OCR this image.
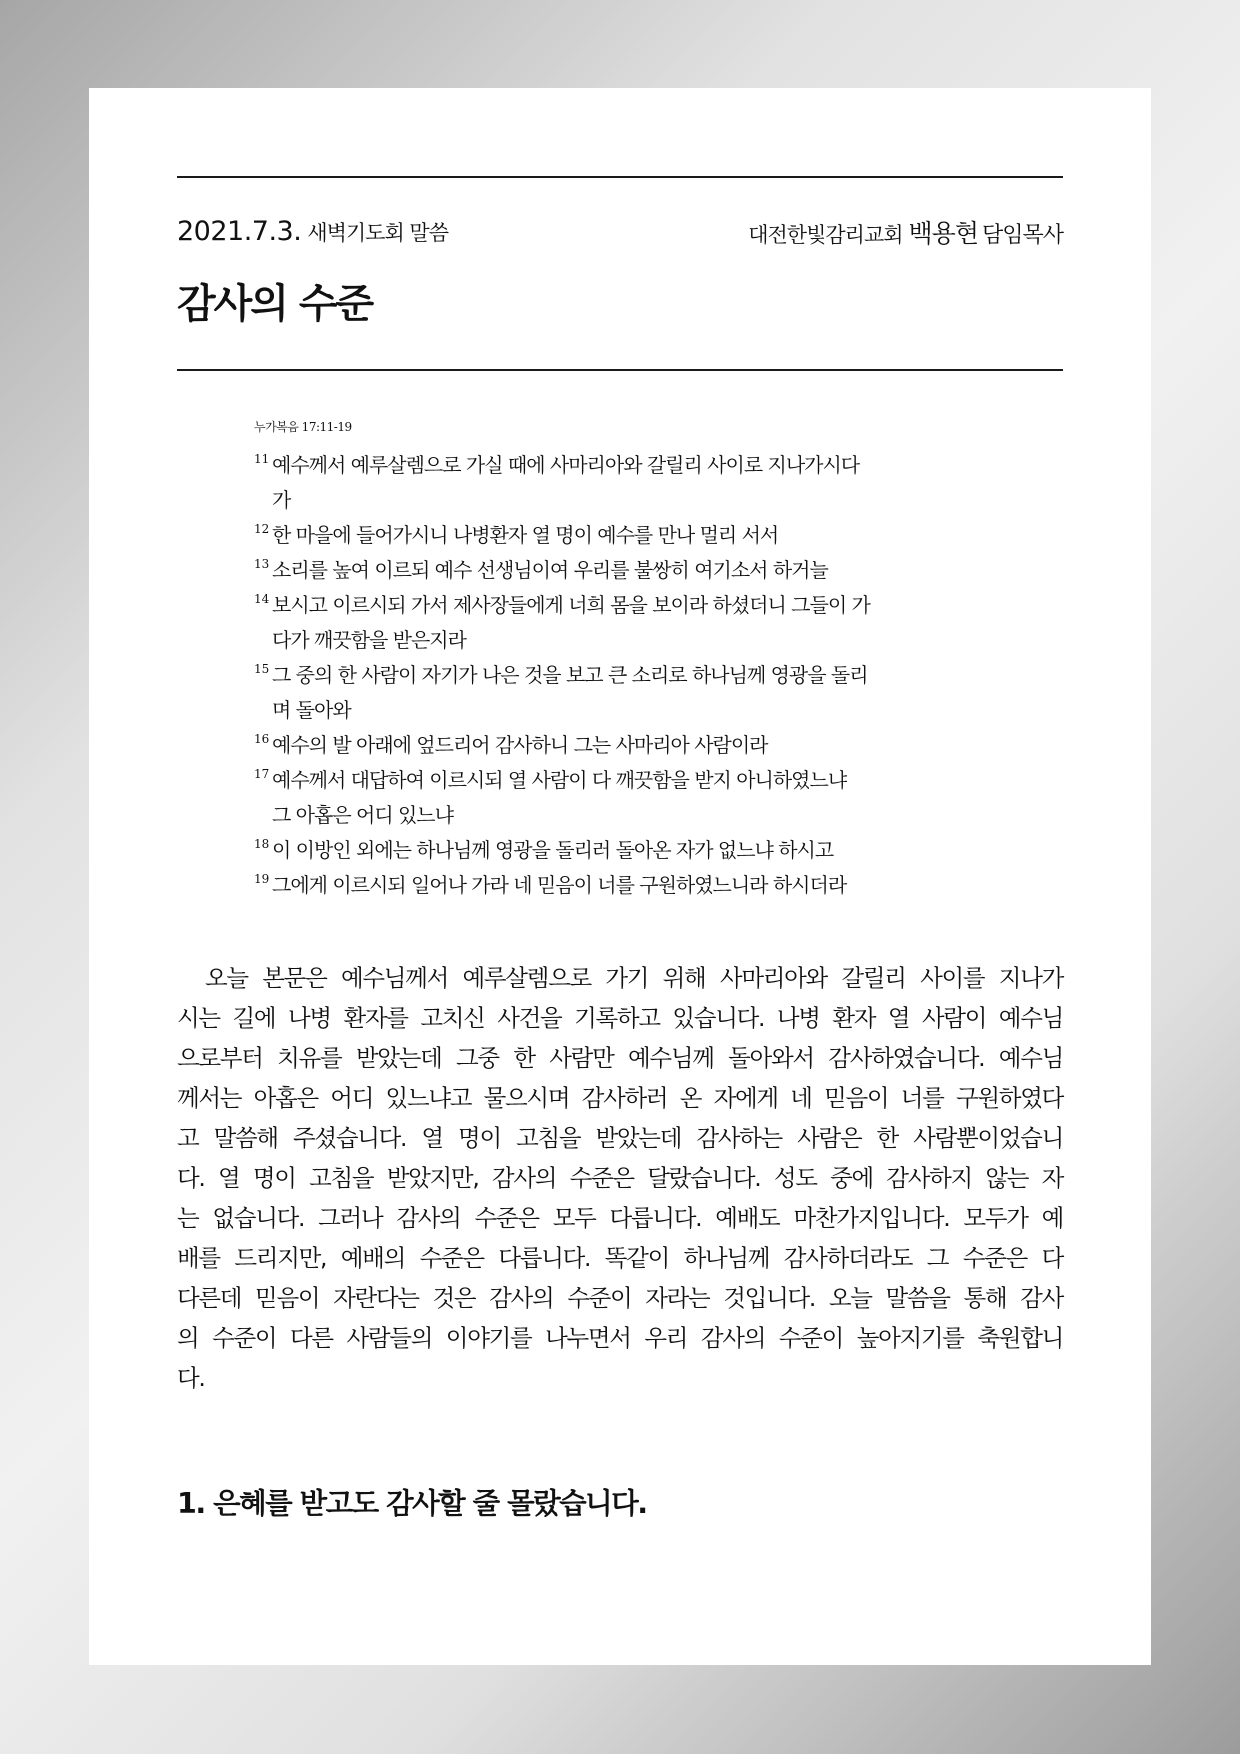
2021.7.3. 새벽기도회 말씀	대전한빛감리교회 백용현 담임목사
감사의 수준
누가복음 17:11-19
11 예수께서 예루살렘으로 가실 때에 사마리아와 갈릴리 사이로 지나가시다
가
12 한 마을에 들어가시니 나병환자 열 명이 예수를 만나 멀리 서서
13 소리를 높여 이르되 예수 선생님이여 우리를 불쌍히 여기소서 하거늘
14 보시고 이르시되 가서 제사장들에게 너희 몸을 보이라 하셨더니 그들이 가
다가 깨끗함을 받은지라
15 그 중의 한 사람이 자기가 나은 것을 보고 큰 소리로 하나님께 영광을 돌리
며 돌아와
16 예수의 발 아래에 엎드리어 감사하니 그는 사마리아 사람이라
17 예수께서 대답하여 이르시되 열 사람이 다 깨끗함을 받지 아니하였느냐
그 아홉은 어디 있느냐
18 이 이방인 외에는 하나님께 영광을 돌리러 돌아온 자가 없느냐 하시고
19 그에게 이르시되 일어나 가라 네 믿음이 너를 구원하였느니라 하시더라
오늘 본문은 예수님께서 예루살렘으로 가기 위해 사마리아와 갈릴리 사이를 지나가
시는 길에 나병 환자를 고치신 사건을 기록하고 있습니다. 나병 환자 열 사람이 예수님
으로부터 치유를 받았는데 그중 한 사람만 예수님께 돌아와서 감사하였습니다. 예수님
께서는 아홉은 어디 있느냐고 물으시며 감사하러 온 자에게 네 믿음이 너를 구원하였다
고 말씀해 주셨습니다. 열 명이 고침을 받았는데 감사하는 사람은 한 사람뿐이었습니
다. 열 명이 고침을 받았지만, 감사의 수준은 달랐습니다. 성도 중에 감사하지 않는 자
는 없습니다. 그러나 감사의 수준은 모두 다릅니다. 예배도 마찬가지입니다. 모두가 예
배를 드리지만, 예배의 수준은 다릅니다. 똑같이 하나님께 감사하더라도 그 수준은 다
다른데 믿음이 자란다는 것은 감사의 수준이 자라는 것입니다. 오늘 말씀을 통해 감사
의 수준이 다른 사람들의 이야기를 나누면서 우리 감사의 수준이 높아지기를 축원합니
다.
1. 은혜를 받고도 감사할 줄 몰랐습니다.
